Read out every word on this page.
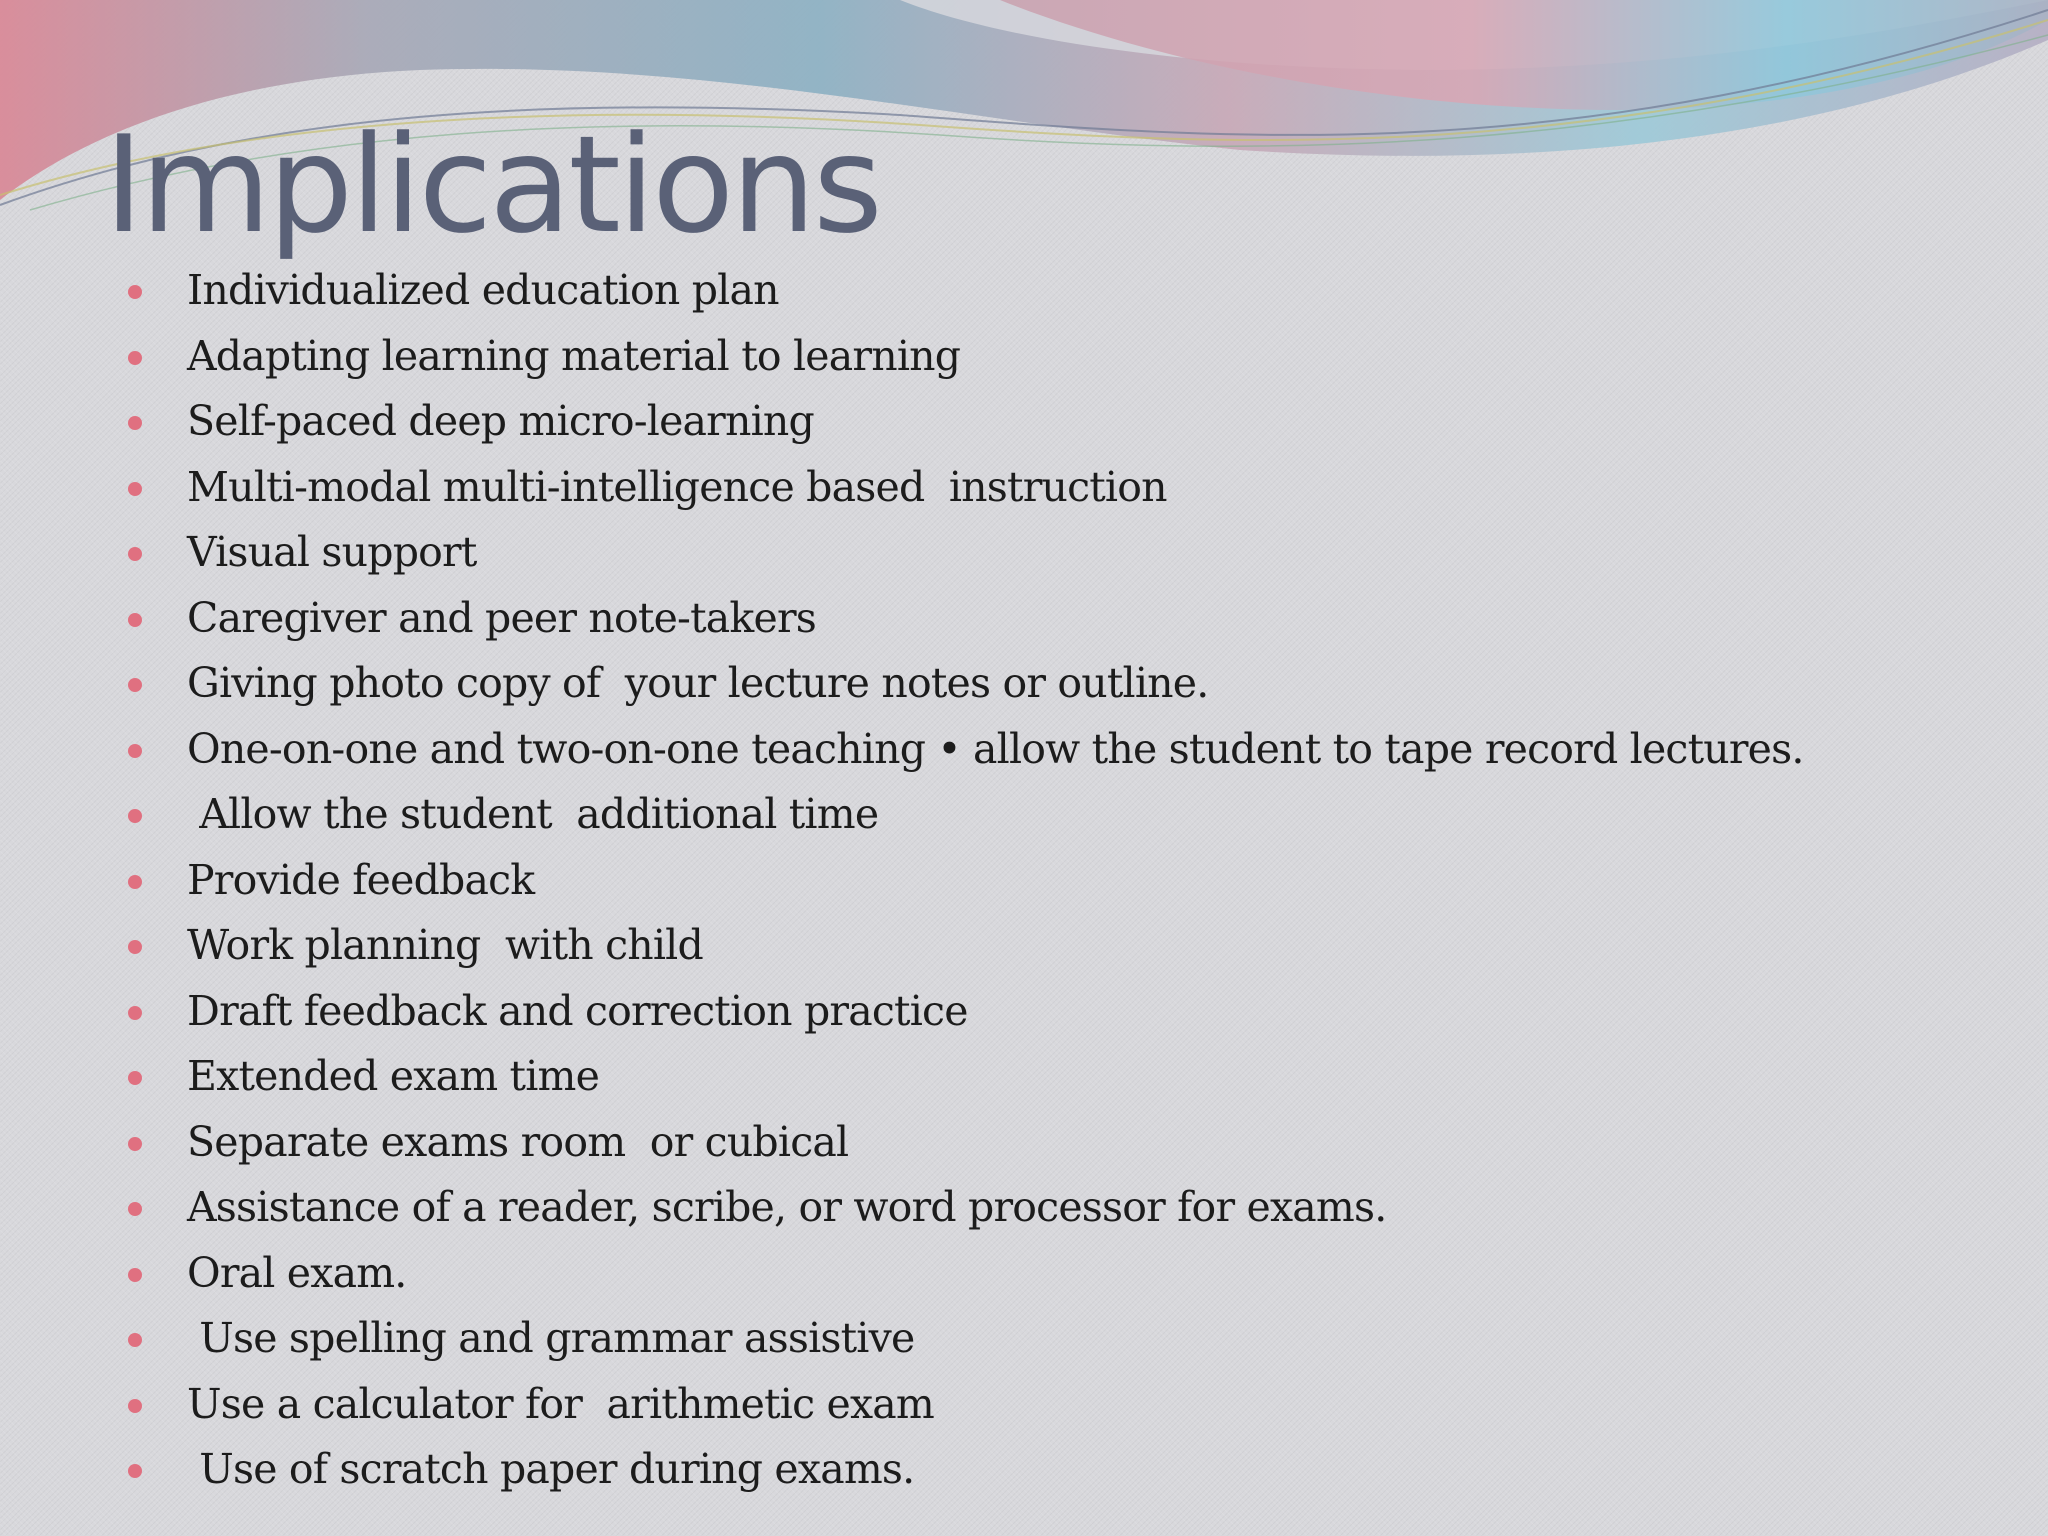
Implications
Individualized education plan
Adapting learning material to learning
Self-paced deep micro-learning
Multi-modal multi-intelligence based  instruction
Visual support
Caregiver and peer note-takers
Giving photo copy of  your lecture notes or outline.
One-on-one and two-on-one teaching • allow the student to tape record lectures.
Allow the student  additional time
Provide feedback
Work planning  with child
Draft feedback and correction practice
Extended exam time
Separate exams room  or cubical
Assistance of a reader, scribe, or word processor for exams.
Oral exam.
Use spelling and grammar assistive
Use a calculator for  arithmetic exam
Use of scratch paper during exams.
